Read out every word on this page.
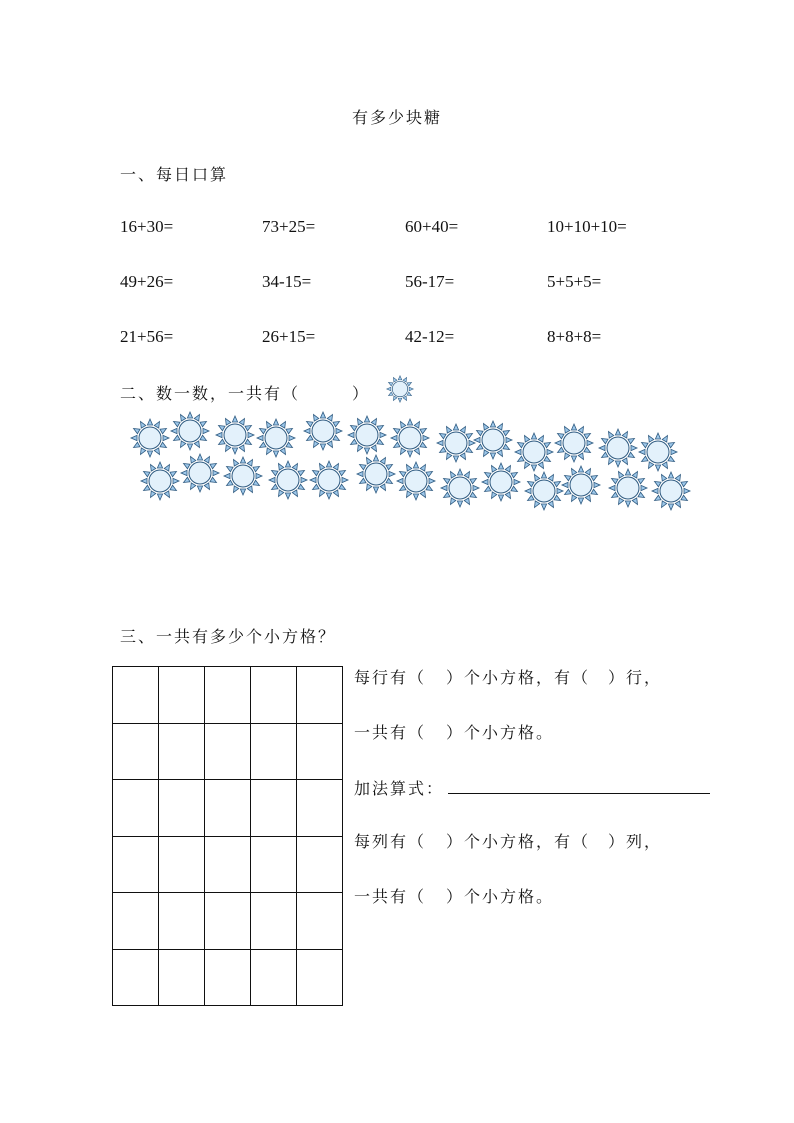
有多少块糖
一、每日口算
16+30=	73+25=	60+40=	10+10+10=
49+26=	34-15=	56-17=	5+5+5=
21+56=	26+15=	42-12=	8+8+8=
二、数一数，一共有（	）
三、一共有多少个小方格？

每行有（ ）个小方格，有（ ）行，
一共有（ ）个小方格。
加法算式：
每列有（ ）个小方格，有（ ）列，
一共有（ ）个小方格。
